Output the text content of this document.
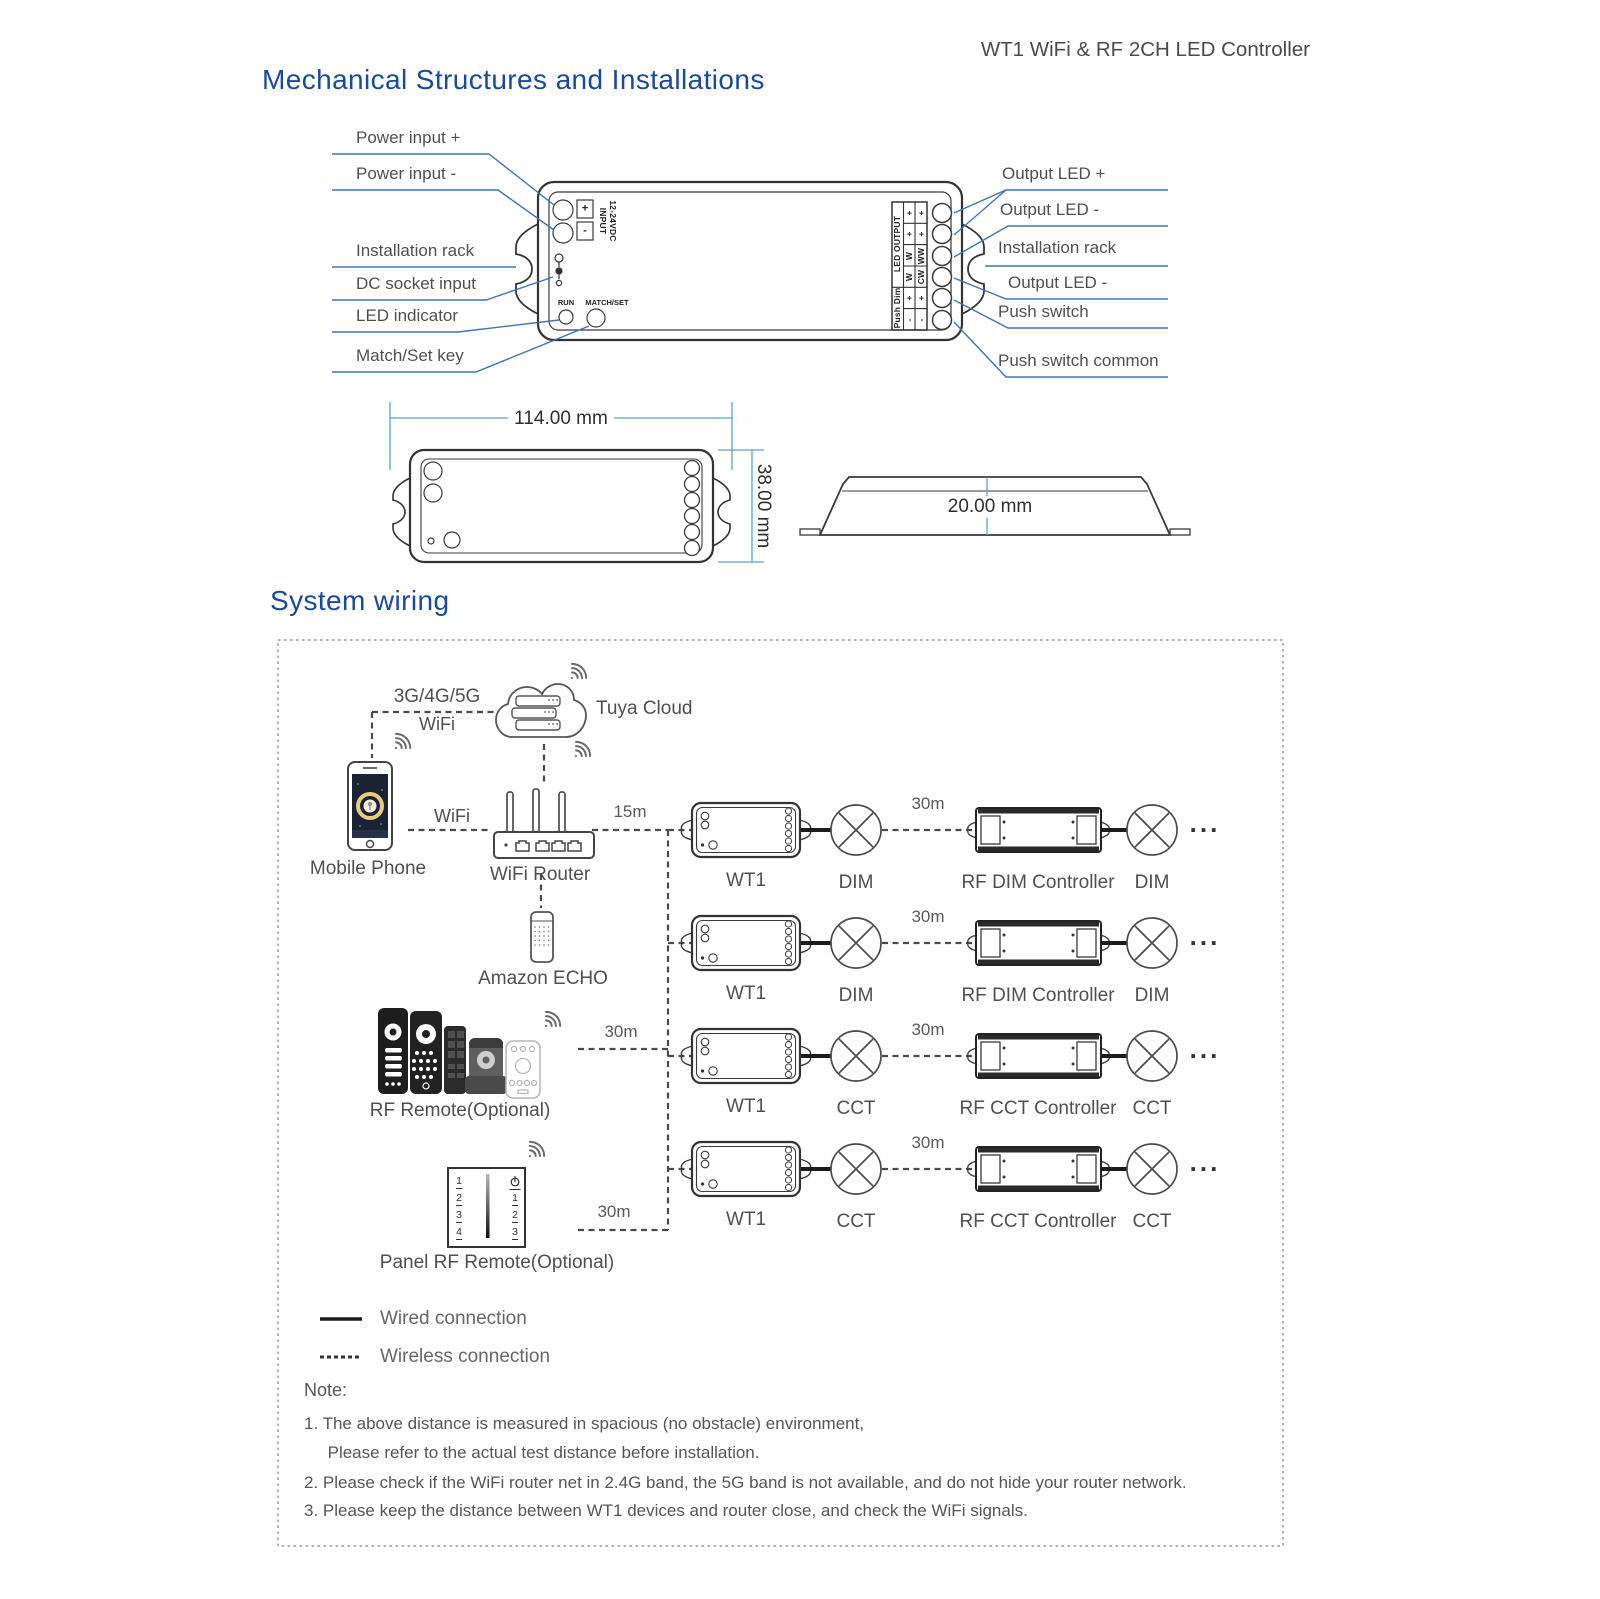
WT1 WiFi & RF 2CH LED Controller
Mechanical Structures and Installations
System wiring
Power input +
Power input -
Installation rack
DC socket input
LED indicator
Match/Set key
Output LED +
Output LED -
Installation rack
Output LED -
Push switch
Push switch common
+
- INPUT 12-24VDC
RUN MATCH/SET
LED OUTPUT
Push Dim
+ +
+ +
W WW
W CW
+ +
- -
114.00 mm
38.00 mm	20.00 mm
3G/4G/5G
WiFi
Tuya Cloud
Mobile Phone
WiFi
WiFi Router
15m
Amazon ECHO
RF Remote(Optional)
Panel RF Remote(Optional)
30m
30m
WT1	DIM	RF DIM Controller DIM
30m
...
WT1	DIM	RF DIM Controller DIM
30m
...
WT1	CCT	RF CCT Controller CCT
30m
...
WT1	CCT	RF CCT Controller CCT
30m
...
1
2
3
4
1
2
3
Wired connection
Wireless connection
Note:
1. The above distance is measured in spacious (no obstacle) environment,
Please refer to the actual test distance before installation.
2. Please check if the WiFi router net in 2.4G band, the 5G band is not available, and do not hide your router network.
3. Please keep the distance between WT1 devices and router close, and check the WiFi signals.
